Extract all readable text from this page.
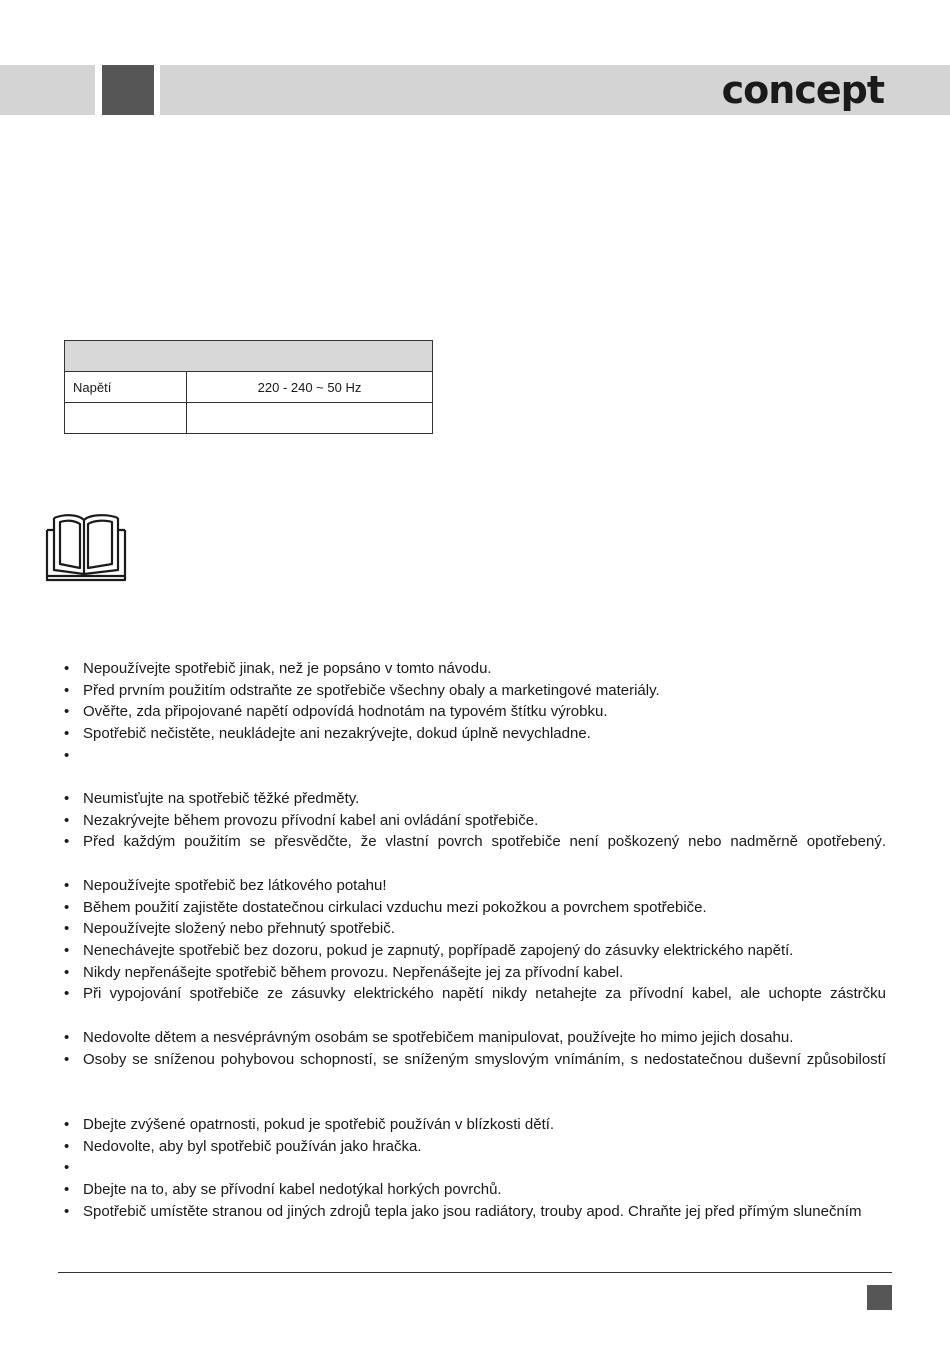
concept

Napětí	220 - 240 ~ 50 Hz

• Nepoužívejte spotřebič jinak, než je popsáno v tomto návodu.
• Před prvním použitím odstraňte ze spotřebiče všechny obaly a marketingové materiály.
• Ověřte, zda připojované napětí odpovídá hodnotám na typovém štítku výrobku.
• Spotřebič nečistěte, neukládejte ani nezakrývejte, dokud úplně nevychladne.
•
• Neumisťujte na spotřebič těžké předměty.
• Nezakrývejte během provozu přívodní kabel ani ovládání spotřebiče.
• Před každým použitím se přesvědčte, že vlastní povrch spotřebiče není poškozený nebo nadměrně opotřebený.
• Nepoužívejte spotřebič bez látkového potahu!
• Během použití zajistěte dostatečnou cirkulaci vzduchu mezi pokožkou a povrchem spotřebiče.
• Nepoužívejte složený nebo přehnutý spotřebič.
• Nenechávejte spotřebič bez dozoru, pokud je zapnutý, popřípadě zapojený do zásuvky elektrického napětí.
• Nikdy nepřenášejte spotřebič během provozu. Nepřenášejte jej za přívodní kabel.
• Při vypojování spotřebiče ze zásuvky elektrického napětí nikdy netahejte za přívodní kabel, ale uchopte zástrčku
• Nedovolte dětem a nesvéprávným osobám se spotřebičem manipulovat, používejte ho mimo jejich dosahu.
• Osoby se sníženou pohybovou schopností, se sníženým smyslovým vnímáním, s nedostatečnou duševní způsobilostí
• Dbejte zvýšené opatrnosti, pokud je spotřebič používán v blízkosti dětí.
• Nedovolte, aby byl spotřebič používán jako hračka.
•
• Dbejte na to, aby se přívodní kabel nedotýkal horkých povrchů.
• Spotřebič umístěte stranou od jiných zdrojů tepla jako jsou radiátory, trouby apod. Chraňte jej před přímým slunečním
